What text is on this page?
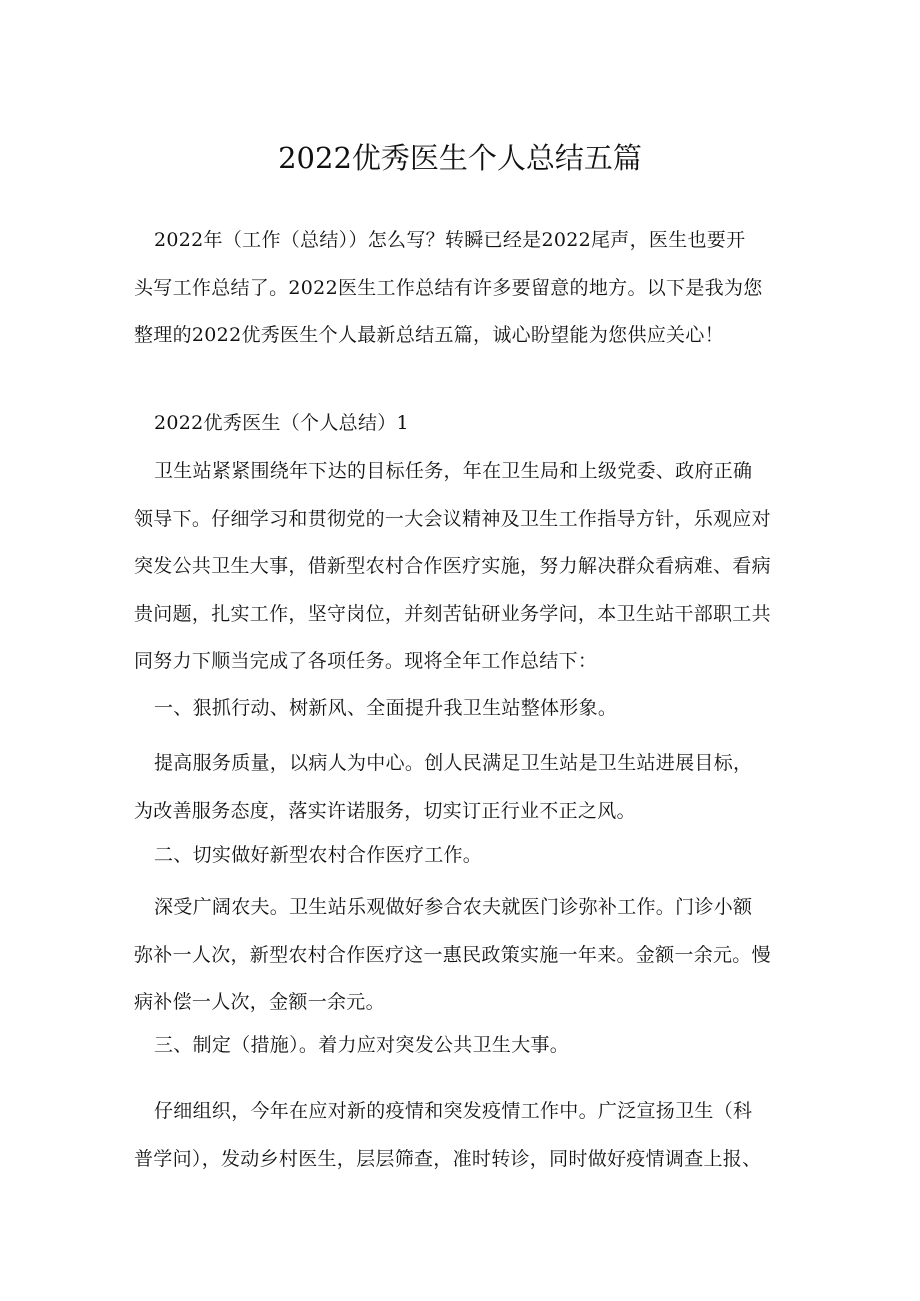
2022优秀医生个人总结五篇
2022年（工作（总结））怎么写？转瞬已经是2022尾声，医生也要开
头写工作总结了。2022医生工作总结有许多要留意的地方。以下是我为您
整理的2022优秀医生个人最新总结五篇，诚心盼望能为您供应关心！
2022优秀医生（个人总结）1
卫生站紧紧围绕年下达的目标任务，年在卫生局和上级党委、政府正确
领导下。仔细学习和贯彻党的一大会议精神及卫生工作指导方针，乐观应对
突发公共卫生大事，借新型农村合作医疗实施，努力解决群众看病难、看病
贵问题，扎实工作，坚守岗位，并刻苦钻研业务学问，本卫生站干部职工共
同努力下顺当完成了各项任务。现将全年工作总结下：
一、狠抓行动、树新风、全面提升我卫生站整体形象。
提高服务质量，以病人为中心。创人民满足卫生站是卫生站进展目标，
为改善服务态度，落实许诺服务，切实订正行业不正之风。
二、切实做好新型农村合作医疗工作。
深受广阔农夫。卫生站乐观做好参合农夫就医门诊弥补工作。门诊小额
弥补一人次，新型农村合作医疗这一惠民政策实施一年来。金额一余元。慢
病补偿一人次，金额一余元。
三、制定（措施）。着力应对突发公共卫生大事。
仔细组织，今年在应对新的疫情和突发疫情工作中。广泛宣扬卫生（科
普学问），发动乡村医生，层层筛查，准时转诊，同时做好疫情调查上报、
